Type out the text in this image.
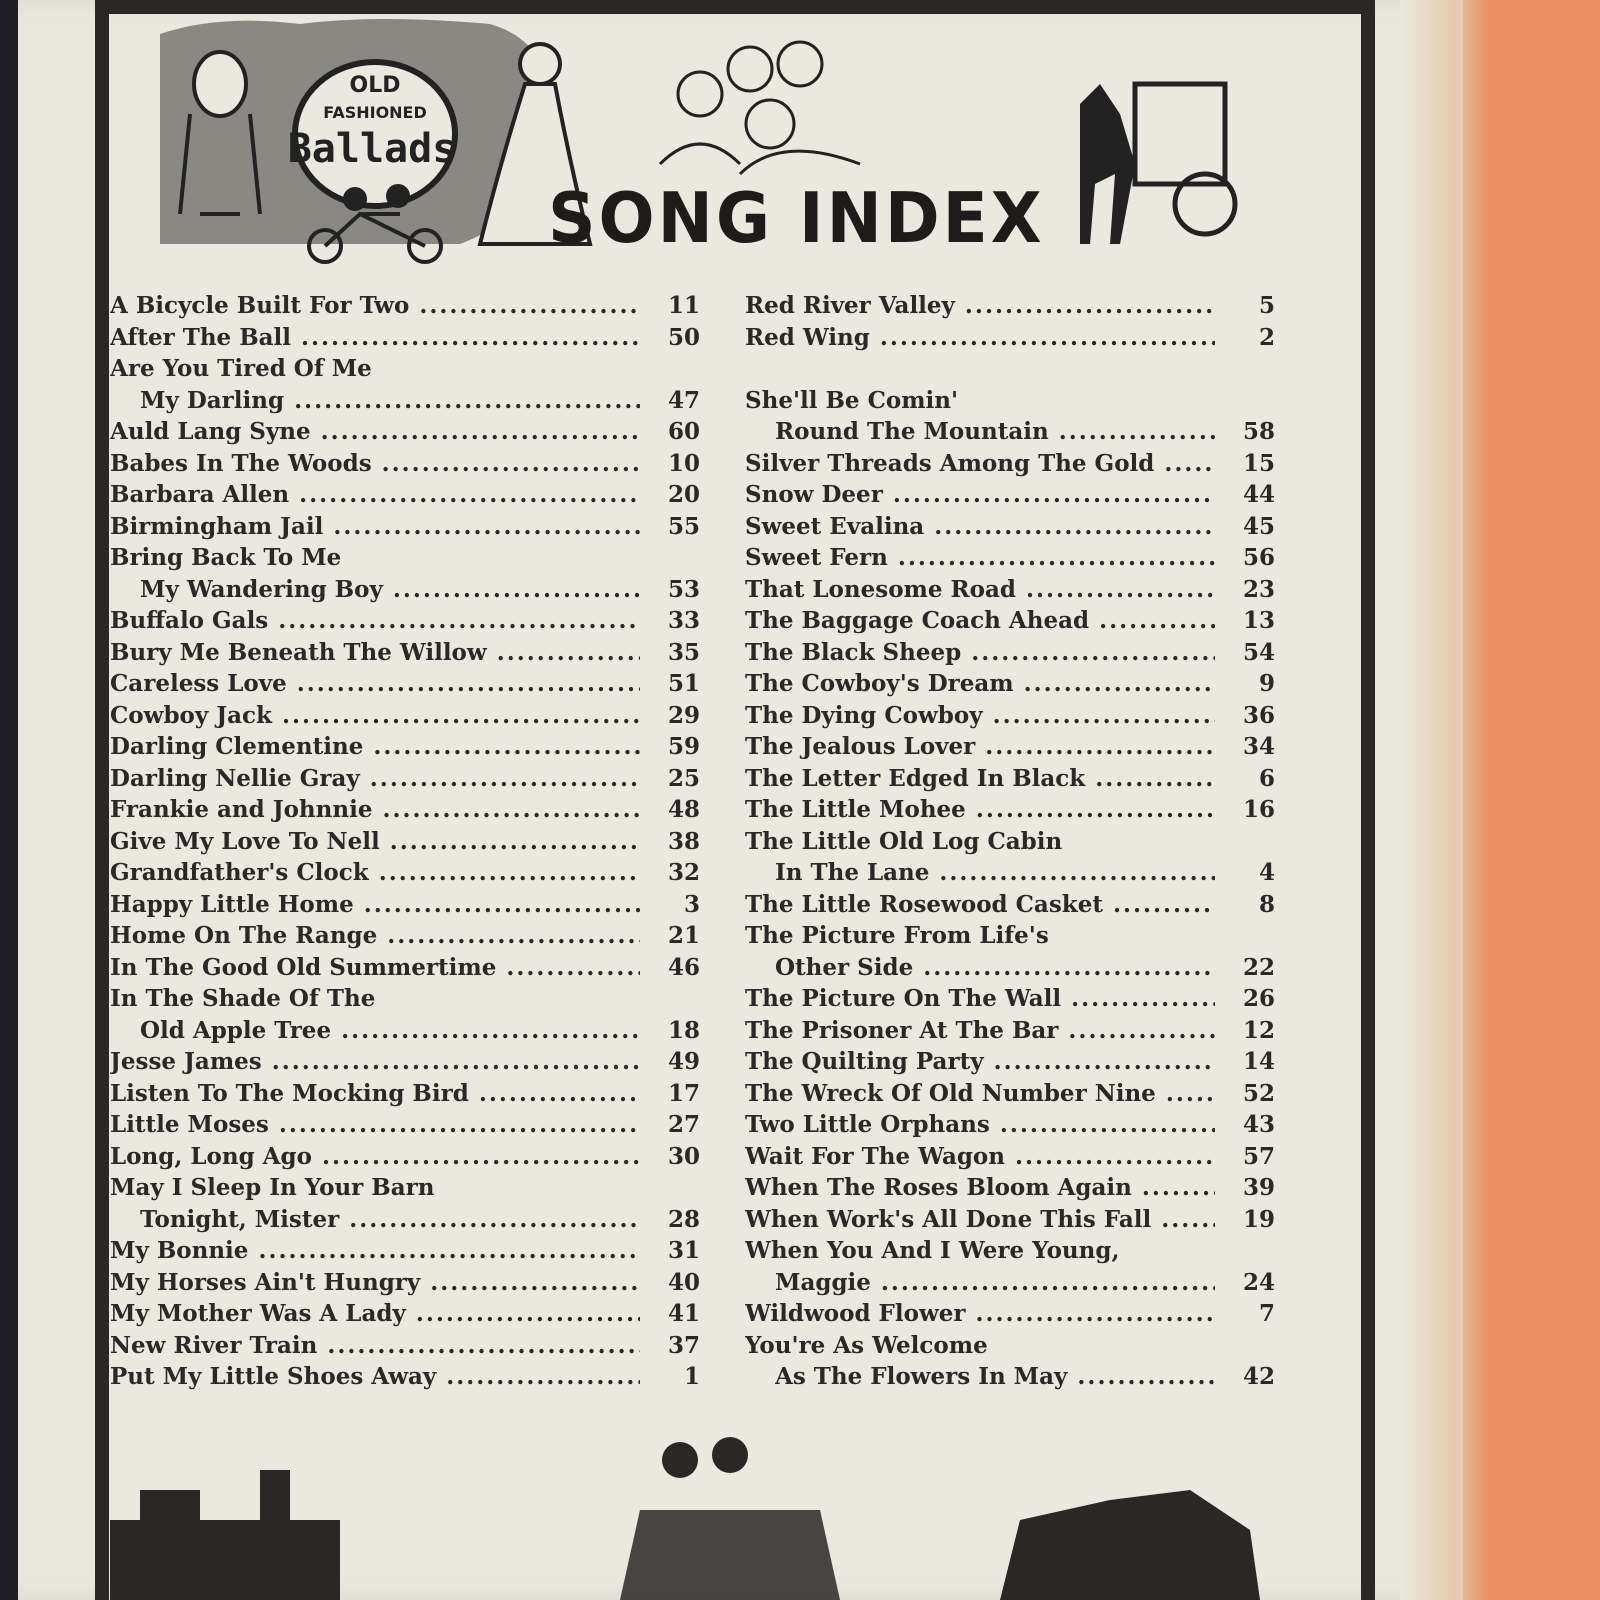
OLD
FASHIONED
Ballads
SONG INDEX
A Bicycle Built For Two .....	11
After The Ball .....	50
Are You Tired Of Me
My Darling .....	47
Auld Lang Syne .....	60
Babes In The Woods .....	10
Barbara Allen .....	20
Birmingham Jail .....	55
Bring Back To Me
My Wandering Boy .....	53
Buffalo Gals .....	33
Bury Me Beneath The Willow .....	35
Careless Love .....	51
Cowboy Jack .....	29
Darling Clementine .....	59
Darling Nellie Gray .....	25
Frankie and Johnnie .....	48
Give My Love To Nell .....	38
Grandfather's Clock .....	32
Happy Little Home .....	3
Home On The Range .....	21
In The Good Old Summertime .....	46
In The Shade Of The
Old Apple Tree .....	18
Jesse James .....	49
Listen To The Mocking Bird .....	17
Little Moses .....	27
Long, Long Ago .....	30
May I Sleep In Your Barn
Tonight, Mister .....	28
My Bonnie .....	31
My Horses Ain't Hungry .....	40
My Mother Was A Lady .....	41
New River Train .....	37
Put My Little Shoes Away .....	1
Red River Valley .....	5
Red Wing .....	2
She'll Be Comin'
Round The Mountain .....	58
Silver Threads Among The Gold .....	15
Snow Deer .....	44
Sweet Evalina .....	45
Sweet Fern .....	56
That Lonesome Road .....	23
The Baggage Coach Ahead .....	13
The Black Sheep .....	54
The Cowboy's Dream .....	9
The Dying Cowboy .....	36
The Jealous Lover .....	34
The Letter Edged In Black .....	6
The Little Mohee .....	16
The Little Old Log Cabin
In The Lane .....	4
The Little Rosewood Casket .....	8
The Picture From Life's
Other Side .....	22
The Picture On The Wall .....	26
The Prisoner At The Bar .....	12
The Quilting Party .....	14
The Wreck Of Old Number Nine .....	52
Two Little Orphans .....	43
Wait For The Wagon .....	57
When The Roses Bloom Again .....	39
When Work's All Done This Fall .....	19
When You And I Were Young,
Maggie .....	24
Wildwood Flower .....	7
You're As Welcome
As The Flowers In May .....	42
